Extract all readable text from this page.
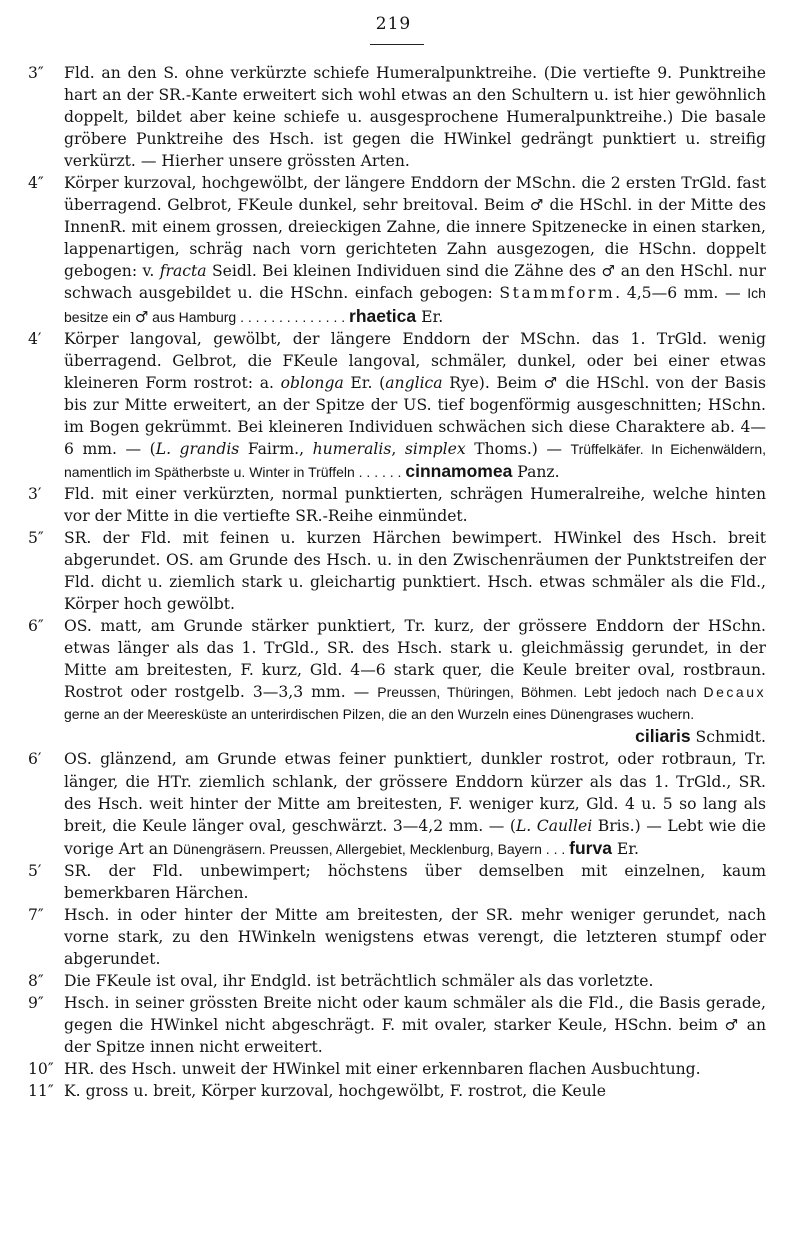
219

3″ Fld. an den S. ohne verkürzte schiefe Humeralpunktreihe. (Die vertiefte 9. Punktreihe hart an der SR.-Kante erweitert sich wohl etwas an den Schultern u. ist hier gewöhnlich doppelt, bildet aber keine schiefe u. ausgesprochene Humeralpunktreihe.) Die basale gröbere Punktreihe des Hsch. ist gegen die HWinkel gedrängt punktiert u. streifig verkürzt. — Hierher unsere grössten Arten.

4″ Körper kurzoval, hochgewölbt, der längere Enddorn der MSchn. die 2 ersten TrGld. fast überragend. Gelbrot, FKeule dunkel, sehr breitoval. Beim ♂ die HSchl. in der Mitte des InnenR. mit einem grossen, dreieckigen Zahne, die innere Spitzenecke in einen starken, lappenartigen, schräg nach vorn gerichteten Zahn ausgezogen, die HSchn. doppelt gebogen: v. fracta Seidl. Bei kleinen Individuen sind die Zähne des ♂ an den HSchl. nur schwach ausgebildet u. die HSchn. einfach gebogen: Stammform. 4,5—6 mm. — Ich besitze ein ♂ aus Hamburg . . . . . . . . . . . . . . rhaetica Er.

4′ Körper langoval, gewölbt, der längere Enddorn der MSchn. das 1. TrGld. wenig überragend. Gelbrot, die FKeule langoval, schmäler, dunkel, oder bei einer etwas kleineren Form rostrot: a. oblonga Er. (anglica Rye). Beim ♂ die HSchl. von der Basis bis zur Mitte erweitert, an der Spitze der US. tief bogenförmig ausgeschnitten; HSchn. im Bogen gekrümmt. Bei kleineren Individuen schwächen sich diese Charaktere ab. 4—6 mm. — (L. grandis Fairm., humeralis, simplex Thoms.) — Trüffelkäfer. In Eichenwäldern, namentlich im Spätherbste u. Winter in Trüffeln . . . . . . cinnamomea Panz.

3′ Fld. mit einer verkürzten, normal punktierten, schrägen Humeralreihe, welche hinten vor der Mitte in die vertiefte SR.-Reihe einmündet.

5″ SR. der Fld. mit feinen u. kurzen Härchen bewimpert. HWinkel des Hsch. breit abgerundet. OS. am Grunde des Hsch. u. in den Zwischenräumen der Punktstreifen der Fld. dicht u. ziemlich stark u. gleichartig punktiert. Hsch. etwas schmäler als die Fld., Körper hoch gewölbt.

6″ OS. matt, am Grunde stärker punktiert, Tr. kurz, der grössere Enddorn der HSchn. etwas länger als das 1. TrGld., SR. des Hsch. stark u. gleichmässig gerundet, in der Mitte am breitesten, F. kurz, Gld. 4—6 stark quer, die Keule breiter oval, rostbraun. Rostrot oder rostgelb. 3—3,3 mm. — Preussen, Thüringen, Böhmen. Lebt jedoch nach Decaux gerne an der Meeresküste an unterirdischen Pilzen, die an den Wurzeln eines Dünengrases wuchern.
ciliaris Schmidt.

6′ OS. glänzend, am Grunde etwas feiner punktiert, dunkler rostrot, oder rotbraun, Tr. länger, die HTr. ziemlich schlank, der grössere Enddorn kürzer als das 1. TrGld., SR. des Hsch. weit hinter der Mitte am breitesten, F. weniger kurz, Gld. 4 u. 5 so lang als breit, die Keule länger oval, geschwärzt. 3—4,2 mm. — (L. Caullei Bris.) — Lebt wie die vorige Art an Dünengräsern. Preussen, Allergebiet, Mecklenburg, Bayern . . . furva Er.

5′ SR. der Fld. unbewimpert; höchstens über demselben mit einzelnen, kaum bemerkbaren Härchen.

7″ Hsch. in oder hinter der Mitte am breitesten, der SR. mehr weniger gerundet, nach vorne stark, zu den HWinkeln wenigstens etwas verengt, die letzteren stumpf oder abgerundet.

8″ Die FKeule ist oval, ihr Endgld. ist beträchtlich schmäler als das vorletzte.

9″ Hsch. in seiner grössten Breite nicht oder kaum schmäler als die Fld., die Basis gerade, gegen die HWinkel nicht abgeschrägt. F. mit ovaler, starker Keule, HSchn. beim ♂ an der Spitze innen nicht erweitert.

10″ HR. des Hsch. unweit der HWinkel mit einer erkennbaren flachen Ausbuchtung.

11″ K. gross u. breit, Körper kurzoval, hochgewölbt, F. rostrot, die Keule
